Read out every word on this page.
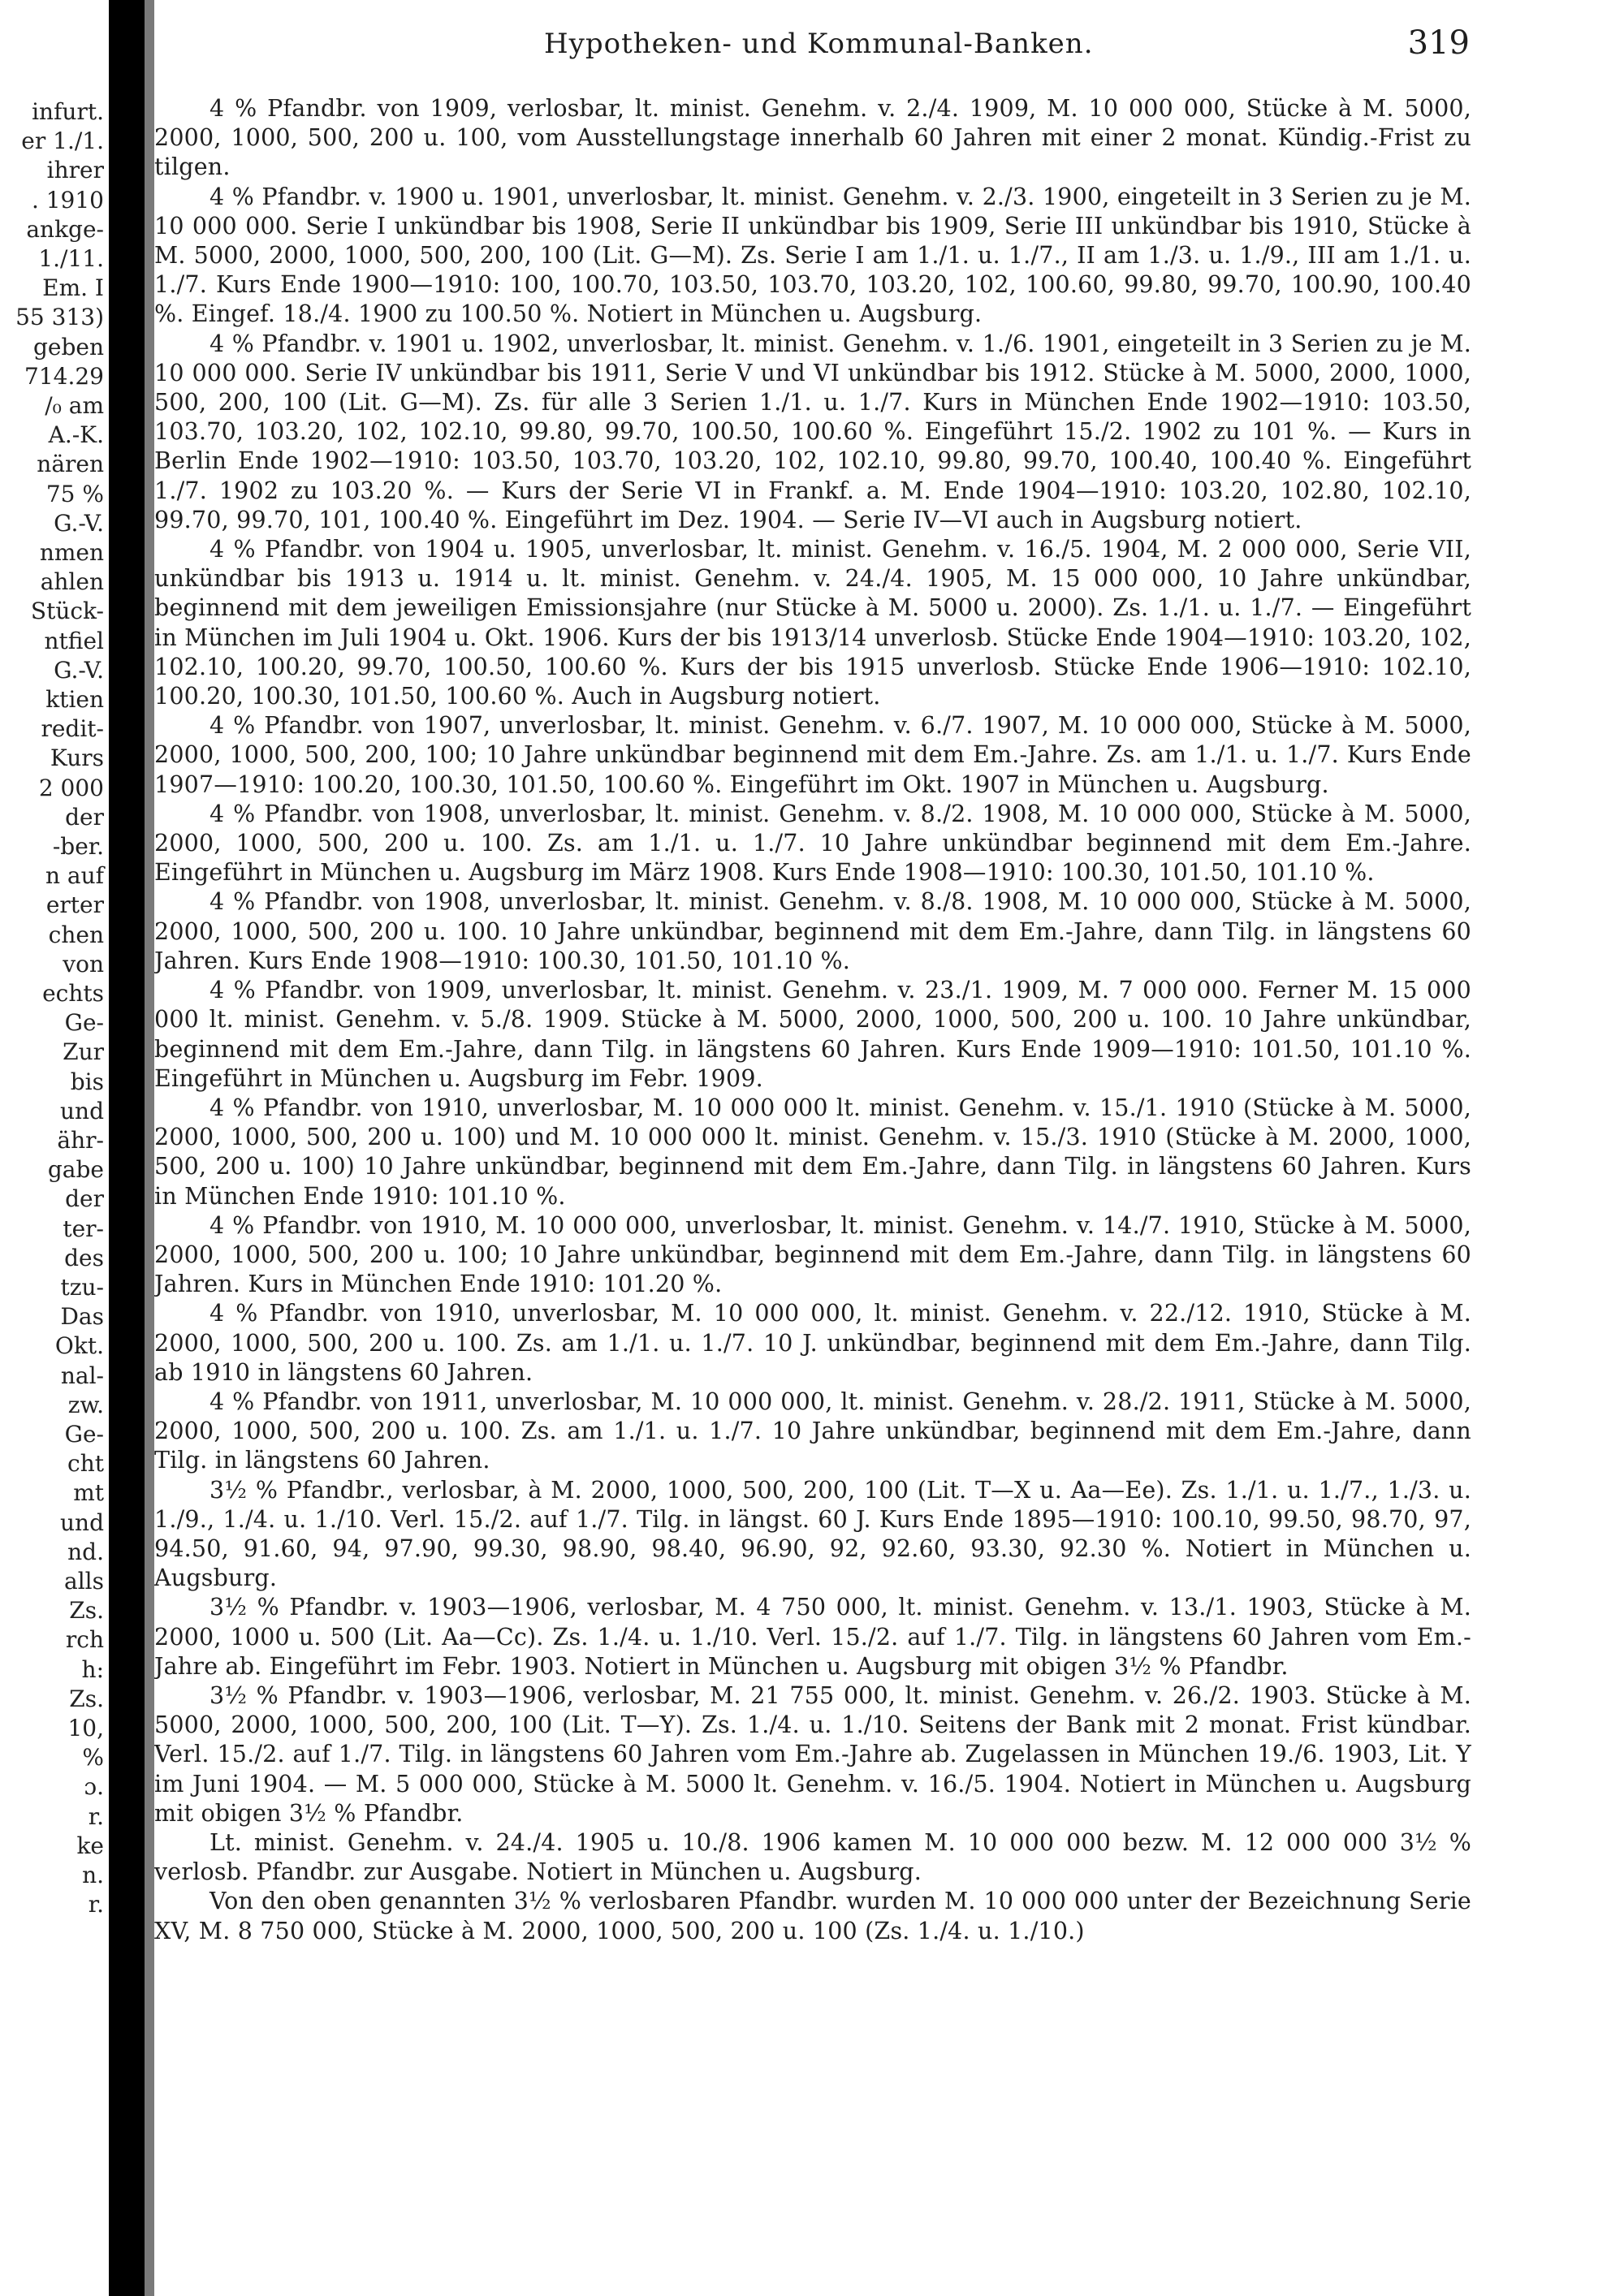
infurt.
er 1./1.
ihrer
. 1910
ankge-
1./11.
Em. I
55 313)
geben
714.29
/₀ am
A.-K.
nären
75 %
G.-V.
nmen
ahlen
Stück-
ntfiel
G.-V.
ktien
redit-
Kurs
2 000
der
-ber.
n auf
erter
chen
von
echts
Ge-
Zur
bis
und
ähr-
gabe
der
ter-
des
tzu-
Das
Okt.
nal-
zw.
Ge-
cht
mt
und
nd.
alls
Zs.
rch
h:
Zs.
10,
%
ɔ.
r.
ke
n.
r.
Hypotheken- und Kommunal-Banken.	319

4 % Pfandbr. von 1909, verlosbar, lt. minist. Genehm. v. 2./4. 1909, M. 10 000 000, Stücke à M. 5000, 2000, 1000, 500, 200 u. 100, vom Ausstellungstage innerhalb 60 Jahren mit einer 2 monat. Kündig.-Frist zu tilgen.

4 % Pfandbr. v. 1900 u. 1901, unverlosbar, lt. minist. Genehm. v. 2./3. 1900, eingeteilt in 3 Serien zu je M. 10 000 000. Serie I unkündbar bis 1908, Serie II unkündbar bis 1909, Serie III unkündbar bis 1910, Stücke à M. 5000, 2000, 1000, 500, 200, 100 (Lit. G—M). Zs. Serie I am 1./1. u. 1./7., II am 1./3. u. 1./9., III am 1./1. u. 1./7. Kurs Ende 1900—1910: 100, 100.70, 103.50, 103.70, 103.20, 102, 100.60, 99.80, 99.70, 100.90, 100.40 %. Eingef. 18./4. 1900 zu 100.50 %. Notiert in München u. Augsburg.

4 % Pfandbr. v. 1901 u. 1902, unverlosbar, lt. minist. Genehm. v. 1./6. 1901, eingeteilt in 3 Serien zu je M. 10 000 000. Serie IV unkündbar bis 1911, Serie V und VI unkündbar bis 1912. Stücke à M. 5000, 2000, 1000, 500, 200, 100 (Lit. G—M). Zs. für alle 3 Serien 1./1. u. 1./7. Kurs in München Ende 1902—1910: 103.50, 103.70, 103.20, 102, 102.10, 99.80, 99.70, 100.50, 100.60 %. Eingeführt 15./2. 1902 zu 101 %. — Kurs in Berlin Ende 1902—1910: 103.50, 103.70, 103.20, 102, 102.10, 99.80, 99.70, 100.40, 100.40 %. Eingeführt 1./7. 1902 zu 103.20 %. — Kurs der Serie VI in Frankf. a. M. Ende 1904—1910: 103.20, 102.80, 102.10, 99.70, 99.70, 101, 100.40 %. Eingeführt im Dez. 1904. — Serie IV—VI auch in Augsburg notiert.

4 % Pfandbr. von 1904 u. 1905, unverlosbar, lt. minist. Genehm. v. 16./5. 1904, M. 2 000 000, Serie VII, unkündbar bis 1913 u. 1914 u. lt. minist. Genehm. v. 24./4. 1905, M. 15 000 000, 10 Jahre unkündbar, beginnend mit dem jeweiligen Emissionsjahre (nur Stücke à M. 5000 u. 2000). Zs. 1./1. u. 1./7. — Eingeführt in München im Juli 1904 u. Okt. 1906. Kurs der bis 1913/14 unverlosb. Stücke Ende 1904—1910: 103.20, 102, 102.10, 100.20, 99.70, 100.50, 100.60 %. Kurs der bis 1915 unverlosb. Stücke Ende 1906—1910: 102.10, 100.20, 100.30, 101.50, 100.60 %. Auch in Augsburg notiert.

4 % Pfandbr. von 1907, unverlosbar, lt. minist. Genehm. v. 6./7. 1907, M. 10 000 000, Stücke à M. 5000, 2000, 1000, 500, 200, 100; 10 Jahre unkündbar beginnend mit dem Em.-Jahre. Zs. am 1./1. u. 1./7. Kurs Ende 1907—1910: 100.20, 100.30, 101.50, 100.60 %. Eingeführt im Okt. 1907 in München u. Augsburg.

4 % Pfandbr. von 1908, unverlosbar, lt. minist. Genehm. v. 8./2. 1908, M. 10 000 000, Stücke à M. 5000, 2000, 1000, 500, 200 u. 100. Zs. am 1./1. u. 1./7. 10 Jahre unkündbar beginnend mit dem Em.-Jahre. Eingeführt in München u. Augsburg im März 1908. Kurs Ende 1908—1910: 100.30, 101.50, 101.10 %.

4 % Pfandbr. von 1908, unverlosbar, lt. minist. Genehm. v. 8./8. 1908, M. 10 000 000, Stücke à M. 5000, 2000, 1000, 500, 200 u. 100. 10 Jahre unkündbar, beginnend mit dem Em.-Jahre, dann Tilg. in längstens 60 Jahren. Kurs Ende 1908—1910: 100.30, 101.50, 101.10 %.

4 % Pfandbr. von 1909, unverlosbar, lt. minist. Genehm. v. 23./1. 1909, M. 7 000 000. Ferner M. 15 000 000 lt. minist. Genehm. v. 5./8. 1909. Stücke à M. 5000, 2000, 1000, 500, 200 u. 100. 10 Jahre unkündbar, beginnend mit dem Em.-Jahre, dann Tilg. in längstens 60 Jahren. Kurs Ende 1909—1910: 101.50, 101.10 %. Eingeführt in München u. Augsburg im Febr. 1909.

4 % Pfandbr. von 1910, unverlosbar, M. 10 000 000 lt. minist. Genehm. v. 15./1. 1910 (Stücke à M. 5000, 2000, 1000, 500, 200 u. 100) und M. 10 000 000 lt. minist. Genehm. v. 15./3. 1910 (Stücke à M. 2000, 1000, 500, 200 u. 100) 10 Jahre unkündbar, beginnend mit dem Em.-Jahre, dann Tilg. in längstens 60 Jahren. Kurs in München Ende 1910: 101.10 %.

4 % Pfandbr. von 1910, M. 10 000 000, unverlosbar, lt. minist. Genehm. v. 14./7. 1910, Stücke à M. 5000, 2000, 1000, 500, 200 u. 100; 10 Jahre unkündbar, beginnend mit dem Em.-Jahre, dann Tilg. in längstens 60 Jahren. Kurs in München Ende 1910: 101.20 %.

4 % Pfandbr. von 1910, unverlosbar, M. 10 000 000, lt. minist. Genehm. v. 22./12. 1910, Stücke à M. 2000, 1000, 500, 200 u. 100. Zs. am 1./1. u. 1./7. 10 J. unkündbar, beginnend mit dem Em.-Jahre, dann Tilg. ab 1910 in längstens 60 Jahren.

4 % Pfandbr. von 1911, unverlosbar, M. 10 000 000, lt. minist. Genehm. v. 28./2. 1911, Stücke à M. 5000, 2000, 1000, 500, 200 u. 100. Zs. am 1./1. u. 1./7. 10 Jahre unkündbar, beginnend mit dem Em.-Jahre, dann Tilg. in längstens 60 Jahren.

3½ % Pfandbr., verlosbar, à M. 2000, 1000, 500, 200, 100 (Lit. T—X u. Aa—Ee). Zs. 1./1. u. 1./7., 1./3. u. 1./9., 1./4. u. 1./10. Verl. 15./2. auf 1./7. Tilg. in längst. 60 J. Kurs Ende 1895—1910: 100.10, 99.50, 98.70, 97, 94.50, 91.60, 94, 97.90, 99.30, 98.90, 98.40, 96.90, 92, 92.60, 93.30, 92.30 %. Notiert in München u. Augsburg.

3½ % Pfandbr. v. 1903—1906, verlosbar, M. 4 750 000, lt. minist. Genehm. v. 13./1. 1903, Stücke à M. 2000, 1000 u. 500 (Lit. Aa—Cc). Zs. 1./4. u. 1./10. Verl. 15./2. auf 1./7. Tilg. in längstens 60 Jahren vom Em.-Jahre ab. Eingeführt im Febr. 1903. Notiert in München u. Augsburg mit obigen 3½ % Pfandbr.

3½ % Pfandbr. v. 1903—1906, verlosbar, M. 21 755 000, lt. minist. Genehm. v. 26./2. 1903. Stücke à M. 5000, 2000, 1000, 500, 200, 100 (Lit. T—Y). Zs. 1./4. u. 1./10. Seitens der Bank mit 2 monat. Frist kündbar. Verl. 15./2. auf 1./7. Tilg. in längstens 60 Jahren vom Em.-Jahre ab. Zugelassen in München 19./6. 1903, Lit. Y im Juni 1904. — M. 5 000 000, Stücke à M. 5000 lt. Genehm. v. 16./5. 1904. Notiert in München u. Augsburg mit obigen 3½ % Pfandbr.

Lt. minist. Genehm. v. 24./4. 1905 u. 10./8. 1906 kamen M. 10 000 000 bezw. M. 12 000 000 3½ % verlosb. Pfandbr. zur Ausgabe. Notiert in München u. Augsburg.

Von den oben genannten 3½ % verlosbaren Pfandbr. wurden M. 10 000 000 unter der Bezeichnung Serie XV, M. 8 750 000, Stücke à M. 2000, 1000, 500, 200 u. 100 (Zs. 1./4. u. 1./10.)
